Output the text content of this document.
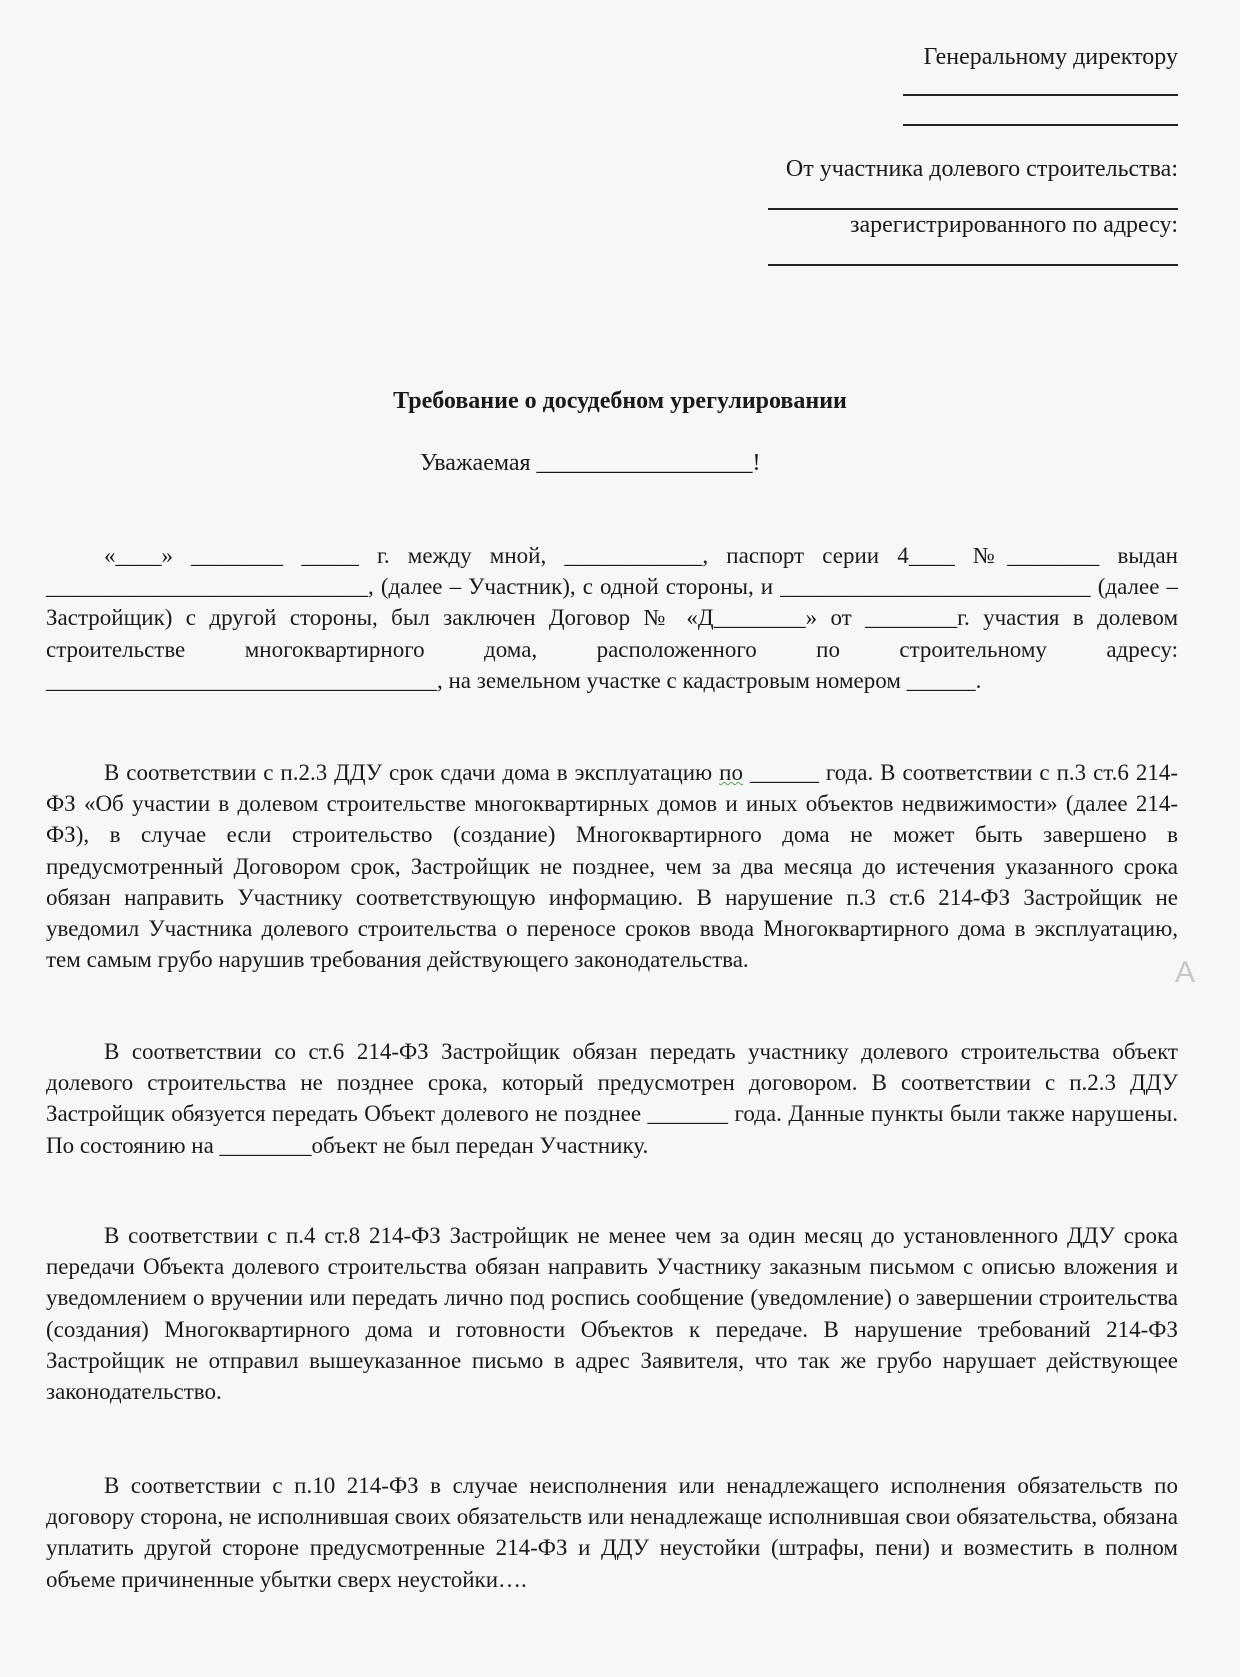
Генеральному директору

От участника долевого строительства:

зарегистрированного по адресу:

Требование о досудебном урегулировании

Уважаемая __________________!

«____» ________ _____ г. между мной, ____________, паспорт серии 4____ №________ выдан ____________________________, (далее – Участник), с одной стороны, и ___________________________ (далее – Застройщик) с другой стороны, был заключен Договор № «Д________» от ________г. участия в долевом строительстве многоквартирного дома, расположенного по строительному адресу: __________________________________, на земельном участке с кадастровым номером ______.

В соответствии с п.2.3 ДДУ срок сдачи дома в эксплуатацию по ______ года. В соответствии с п.3 ст.6 214-ФЗ «Об участии в долевом строительстве многоквартирных домов и иных объектов недвижимости» (далее 214-ФЗ), в случае если строительство (создание) Многоквартирного дома не может быть завершено в предусмотренный Договором срок, Застройщик не позднее, чем за два месяца до истечения указанного срока обязан направить Участнику соответствующую информацию. В нарушение п.3 ст.6 214-ФЗ Застройщик не уведомил Участника долевого строительства о переносе сроков ввода Многоквартирного дома в эксплуатацию, тем самым грубо нарушив требования действующего законодательства.

В соответствии со ст.6 214-ФЗ Застройщик обязан передать участнику долевого строительства объект долевого строительства не позднее срока, который предусмотрен договором. В соответствии с п.2.3 ДДУ Застройщик обязуется передать Объект долевого не позднее _______ года. Данные пункты были также нарушены. По состоянию на ________объект не был передан Участнику.

В соответствии с п.4 ст.8 214-ФЗ Застройщик не менее чем за один месяц до установленного ДДУ срока передачи Объекта долевого строительства обязан направить Участнику заказным письмом с описью вложения и уведомлением о вручении или передать лично под роспись сообщение (уведомление) о завершении строительства (создания) Многоквартирного дома и готовности Объектов к передаче. В нарушение требований 214-ФЗ Застройщик не отправил вышеуказанное письмо в адрес Заявителя, что так же грубо нарушает действующее законодательство.

В соответствии с п.10 214-ФЗ в случае неисполнения или ненадлежащего исполнения обязательств по договору сторона, не исполнившая своих обязательств или ненадлежаще исполнившая свои обязательства, обязана уплатить другой стороне предусмотренные 214-ФЗ и ДДУ неустойки (штрафы, пени) и возместить в полном объеме причиненные убытки сверх неустойки….

A
